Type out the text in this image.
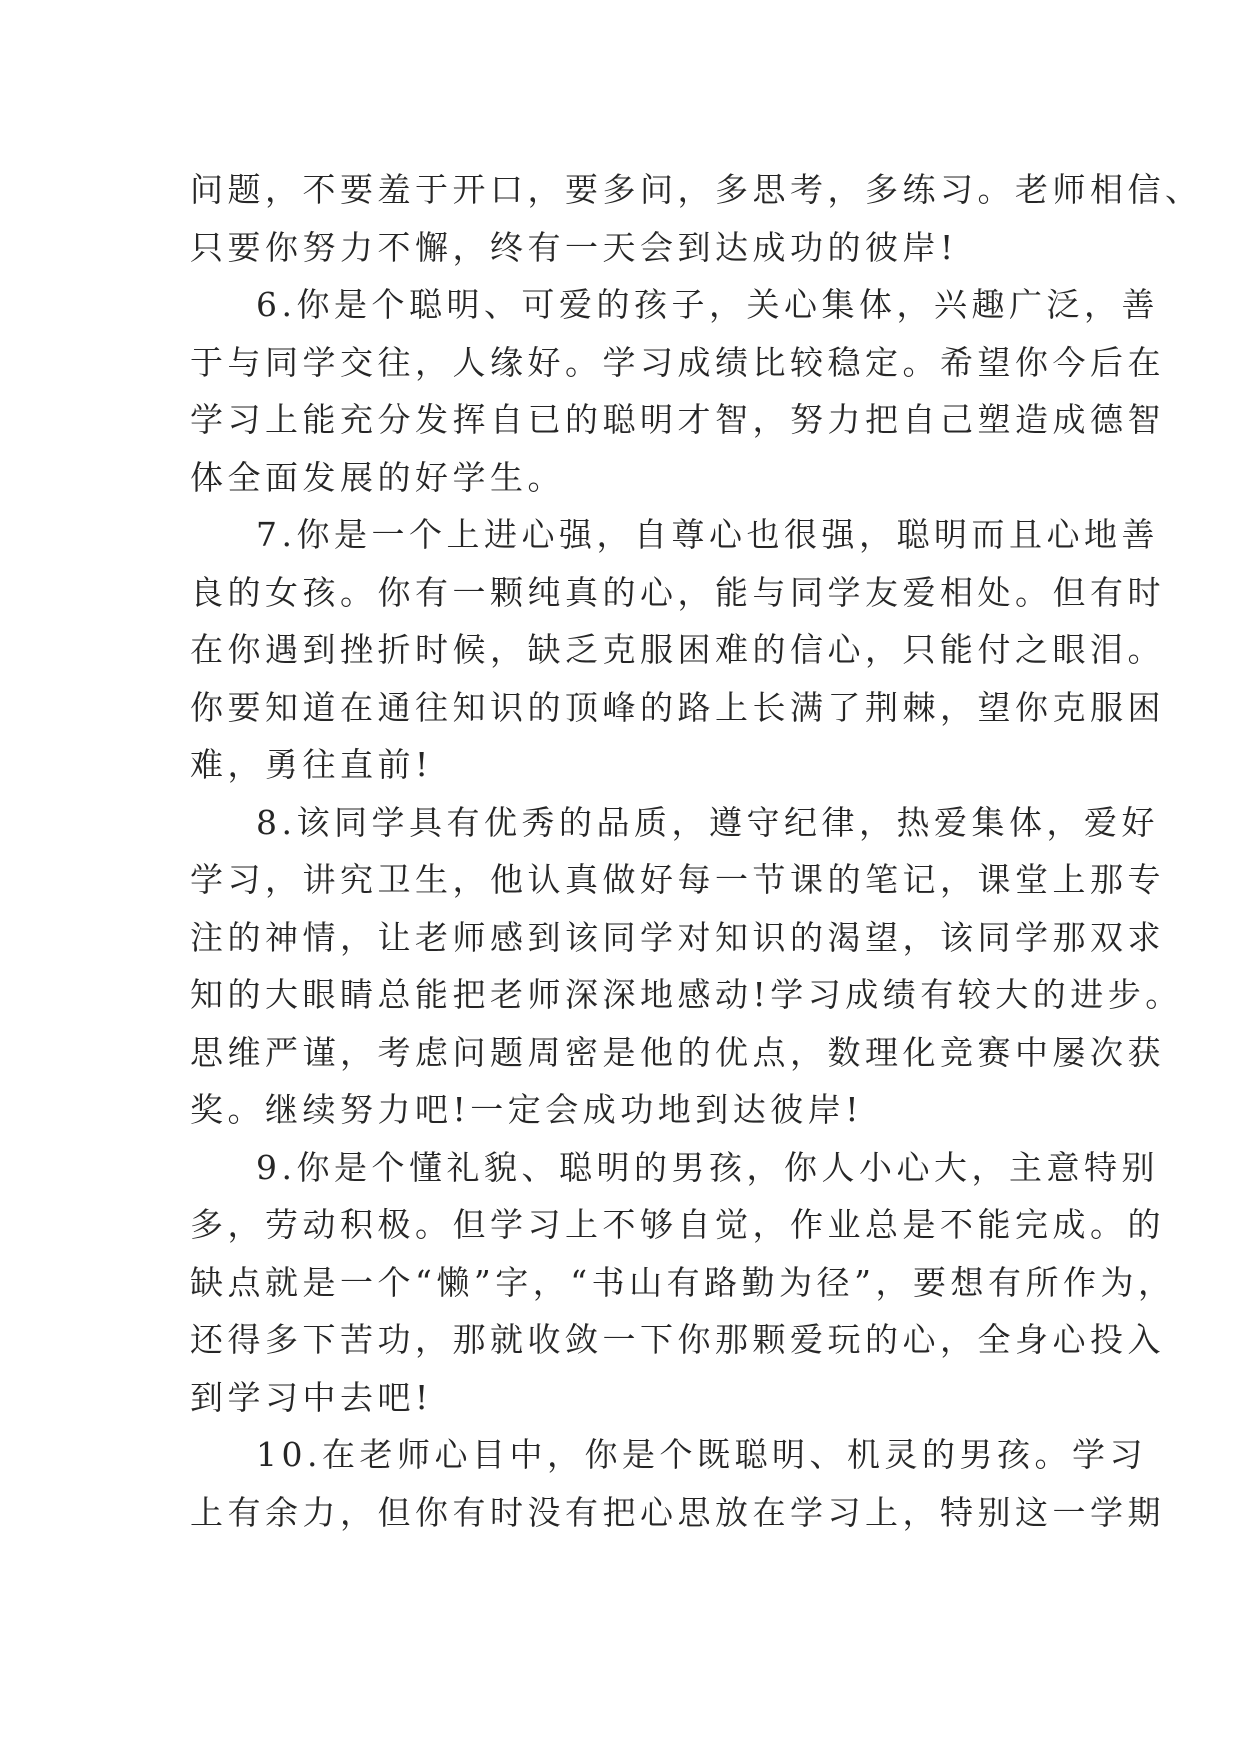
问题，不要羞于开口，要多问，多思考，多练习。老师相信、
只要你努力不懈，终有一天会到达成功的彼岸!

6.你是个聪明、可爱的孩子，关心集体，兴趣广泛，善
于与同学交往，人缘好。学习成绩比较稳定。希望你今后在
学习上能充分发挥自已的聪明才智，努力把自己塑造成德智
体全面发展的好学生。

7.你是一个上进心强，自尊心也很强，聪明而且心地善
良的女孩。你有一颗纯真的心，能与同学友爱相处。但有时
在你遇到挫折时候，缺乏克服困难的信心，只能付之眼泪。
你要知道在通往知识的顶峰的路上长满了荆棘，望你克服困
难，勇往直前!

8.该同学具有优秀的品质，遵守纪律，热爱集体，爱好
学习，讲究卫生，他认真做好每一节课的笔记，课堂上那专
注的神情，让老师感到该同学对知识的渴望，该同学那双求
知的大眼睛总能把老师深深地感动!学习成绩有较大的进步。
思维严谨，考虑问题周密是他的优点，数理化竞赛中屡次获
奖。继续努力吧!一定会成功地到达彼岸!

9.你是个懂礼貌、聪明的男孩，你人小心大，主意特别
多，劳动积极。但学习上不够自觉，作业总是不能完成。的
缺点就是一个“懒”字，“书山有路勤为径”，要想有所作为，
还得多下苦功，那就收敛一下你那颗爱玩的心，全身心投入
到学习中去吧!

10.在老师心目中，你是个既聪明、机灵的男孩。学习
上有余力，但你有时没有把心思放在学习上，特别这一学期
